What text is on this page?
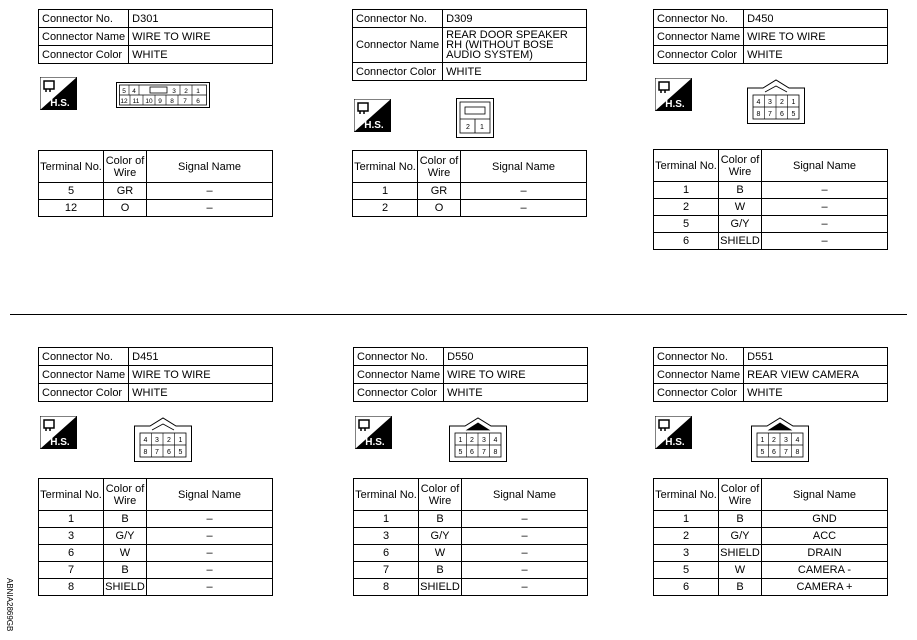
Connector No.	D301
Connector Name	WIRE TO WIRE
Connector Color	WHITE
H.S.
5 4	3 2 1
12 11 10 9 8 7 6
Terminal No.	Color of Wire	Signal Name
5	GR	–
12	O	–
Connector No.	D309
Connector Name	REAR DOOR SPEAKER RH (WITHOUT BOSE AUDIO SYSTEM)
Connector Color	WHITE
H.S.	2 1
Terminal No.	Color of Wire	Signal Name
1	GR	–
2	O	–
Connector No.	D450
Connector Name	WIRE TO WIRE
Connector Color	WHITE
H.S.	4 3 2 1
8 7 6 5
Terminal No.	Color of Wire	Signal Name
1	B	–
2	W	–
5	G/Y	–
6	SHIELD	–
Connector No.	D451
Connector Name	WIRE TO WIRE
Connector Color	WHITE
H.S.	4 3 2 1
8 7 6 5
Terminal No.	Color of Wire	Signal Name
1	B	–
3	G/Y	–
6	W	–
7	B	–
8	SHIELD	–
Connector No.	D550
Connector Name	WIRE TO WIRE
Connector Color	WHITE
H.S.	1 2 3 4
5 6 7 8
Terminal No.	Color of Wire	Signal Name
1	B	–
3	G/Y	–
6	W	–
7	B	–
8	SHIELD	–
Connector No.	D551
Connector Name	REAR VIEW CAMERA
Connector Color	WHITE
H.S.	1 2 3 4
5 6 7 8
Terminal No.	Color of Wire	Signal Name
1	B	GND
2	G/Y	ACC
3	SHIELD	DRAIN
5	W	CAMERA -
6	B	CAMERA +
ABNIA2869GB
